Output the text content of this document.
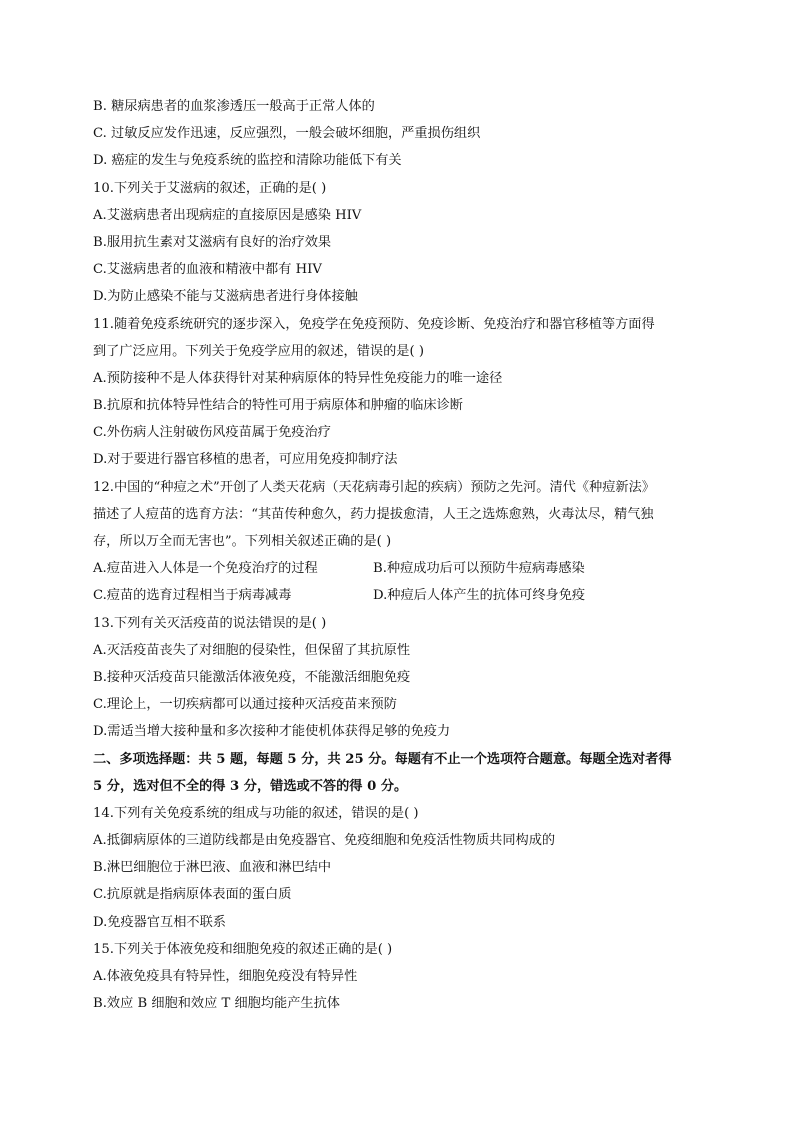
B. 糖尿病患者的血浆渗透压一般高于正常人体的
C. 过敏反应发作迅速，反应强烈，一般会破坏细胞，严重损伤组织
D. 癌症的发生与免疫系统的监控和清除功能低下有关
10.下列关于艾滋病的叙述，正确的是( )
A.艾滋病患者出现病症的直接原因是感染 HIV
B.服用抗生素对艾滋病有良好的治疗效果
C.艾滋病患者的血液和精液中都有 HIV
D.为防止感染不能与艾滋病患者进行身体接触
11.随着免疫系统研究的逐步深入，免疫学在免疫预防、免疫诊断、免疫治疗和器官移植等方面得
到了广泛应用。下列关于免疫学应用的叙述，错误的是( )
A.预防接种不是人体获得针对某种病原体的特异性免疫能力的唯一途径
B.抗原和抗体特异性结合的特性可用于病原体和肿瘤的临床诊断
C.外伤病人注射破伤风疫苗属于免疫治疗
D.对于要进行器官移植的患者，可应用免疫抑制疗法
12.中国的“种痘之术”开创了人类天花病（天花病毒引起的疾病）预防之先河。清代《种痘新法》
描述了人痘苗的选育方法：“其苗传种愈久，药力提拔愈清，人王之选炼愈熟，火毒汰尽，精气独
存，所以万全而无害也”。下列相关叙述正确的是( )
A.痘苗进入人体是一个免疫治疗的过程	B.种痘成功后可以预防牛痘病毒感染
C.痘苗的选育过程相当于病毒减毒	D.种痘后人体产生的抗体可终身免疫
13.下列有关灭活疫苗的说法错误的是( )
A.灭活疫苗丧失了对细胞的侵染性，但保留了其抗原性
B.接种灭活疫苗只能激活体液免疫，不能激活细胞免疫
C.理论上，一切疾病都可以通过接种灭活疫苗来预防
D.需适当增大接种量和多次接种才能使机体获得足够的免疫力
二、多项选择题：共 5 题，每题 5 分，共 25 分。每题有不止一个选项符合题意。每题全选对者得
5 分，选对但不全的得 3 分，错选或不答的得 0 分。
14.下列有关免疫系统的组成与功能的叙述，错误的是( )
A.抵御病原体的三道防线都是由免疫器官、免疫细胞和免疫活性物质共同构成的
B.淋巴细胞位于淋巴液、血液和淋巴结中
C.抗原就是指病原体表面的蛋白质
D.免疫器官互相不联系
15.下列关于体液免疫和细胞免疫的叙述正确的是( )
A.体液免疫具有特异性，细胞免疫没有特异性
B.效应 B 细胞和效应 T 细胞均能产生抗体
